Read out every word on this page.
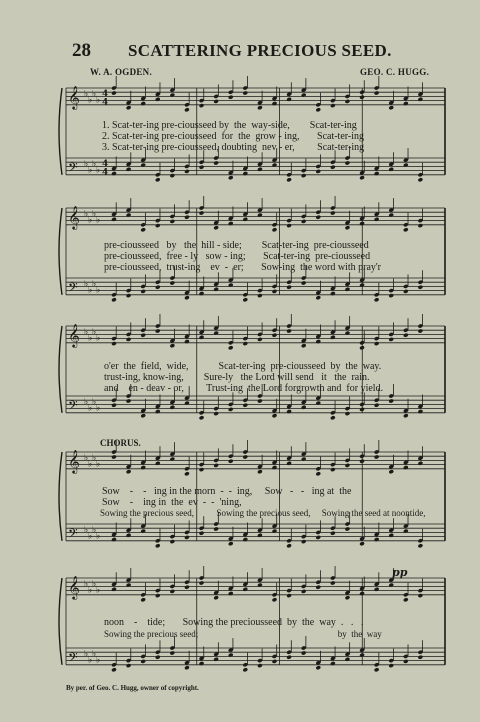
28 SCATTERING PRECIOUS SEED.
W. A. OGDEN.	GEO. C. HUGG.
𝄞 ♭
♭
♭
♭
4
4
𝄢 ♭
♭
♭
♭
4
4
𝄞 ♭
♭
♭
♭
𝄢 ♭
♭
♭
♭
𝄞 ♭
♭
♭
♭
𝄢 ♭
♭
♭
♭
𝄞 ♭
♭
♭
♭
𝄢 ♭
♭
♭
♭
𝄞 ♭
♭
♭
♭
𝄢 ♭
♭
♭
♭
pp
1. Scat-ter-ing pre-ciousseed by  the  way-side,        Scat-ter-ing
2. Scat-ter-ing pre-ciousseed  for  the  grow - ing,       Scat-ter-ing
3. Scat-ter-ing pre-ciousseed, doubting  nev - er,         Scat-ter-ing
pre-ciousseed   by   the  hill - side;        Scat-ter-ing  pre-ciousseed
pre-ciousseed,  free - ly   sow - ing;       Scat-ter-ing  pre-ciousseed
pre-ciousseed,  trust-ing    ev  -  er;       Sow-ing  the word with pray'r
o'er  the  field,  wide,            Scat-ter-ing  pre-ciousseed  by  the  way.
trust-ing, know-ing,        Sure-ly   the Lord will send   it   the  rain.
and    en - deav - or,         Trust-ing  the Lord forgrowth and  for yield.
CHORUS.
Sow    -    -   ing in the morn  -  -  ing,     Sow   -   -   ing at  the
Sow    -    ing in  the  ev  -  -  'ning,
Sowing the precious seed,          Sowing the precious seed,     Sowing the seed at noontide,
noon    -    tide;       Sowing the preciousseed  by  the  way  .   .   .
Sowing the precious seed;                                                              by  the  way
By per. of Geo. C. Hugg, owner of copyright.
